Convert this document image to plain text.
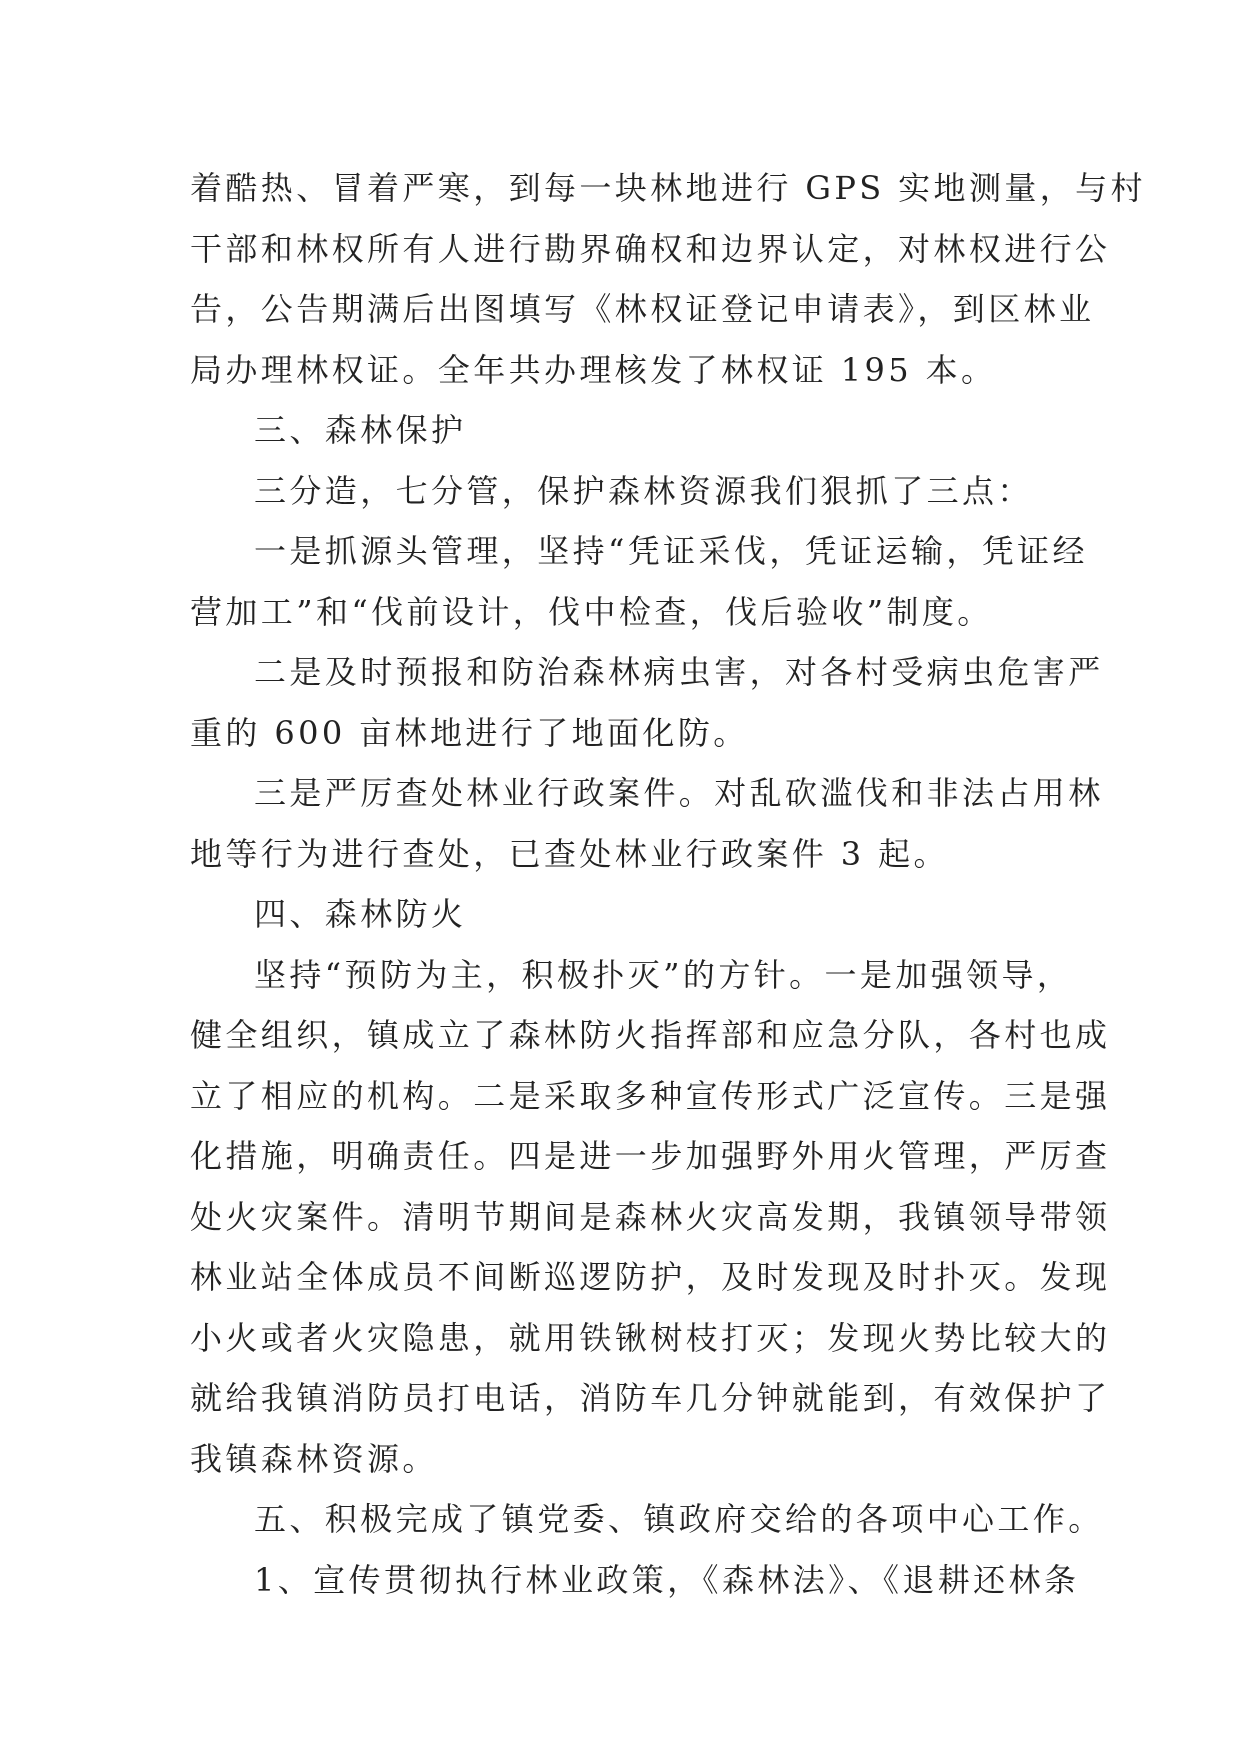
着酷热、冒着严寒，到每一块林地进行 GPS 实地测量，与村
干部和林权所有人进行勘界确权和边界认定，对林权进行公
告，公告期满后出图填写《林权证登记申请表》，到区林业
局办理林权证。全年共办理核发了林权证 195 本。
三、森林保护
三分造，七分管，保护森林资源我们狠抓了三点：
一是抓源头管理，坚持“凭证采伐，凭证运输，凭证经
营加工”和“伐前设计，伐中检查，伐后验收”制度。
二是及时预报和防治森林病虫害，对各村受病虫危害严
重的 600 亩林地进行了地面化防。
三是严厉查处林业行政案件。对乱砍滥伐和非法占用林
地等行为进行查处，已查处林业行政案件 3 起。
四、森林防火
坚持“预防为主，积极扑灭”的方针。一是加强领导，
健全组织，镇成立了森林防火指挥部和应急分队，各村也成
立了相应的机构。二是采取多种宣传形式广泛宣传。三是强
化措施，明确责任。四是进一步加强野外用火管理，严厉查
处火灾案件。清明节期间是森林火灾高发期，我镇领导带领
林业站全体成员不间断巡逻防护，及时发现及时扑灭。发现
小火或者火灾隐患，就用铁锹树枝打灭；发现火势比较大的
就给我镇消防员打电话，消防车几分钟就能到，有效保护了
我镇森林资源。
五、积极完成了镇党委、镇政府交给的各项中心工作。
1、宣传贯彻执行林业政策，《森林法》、《退耕还林条
